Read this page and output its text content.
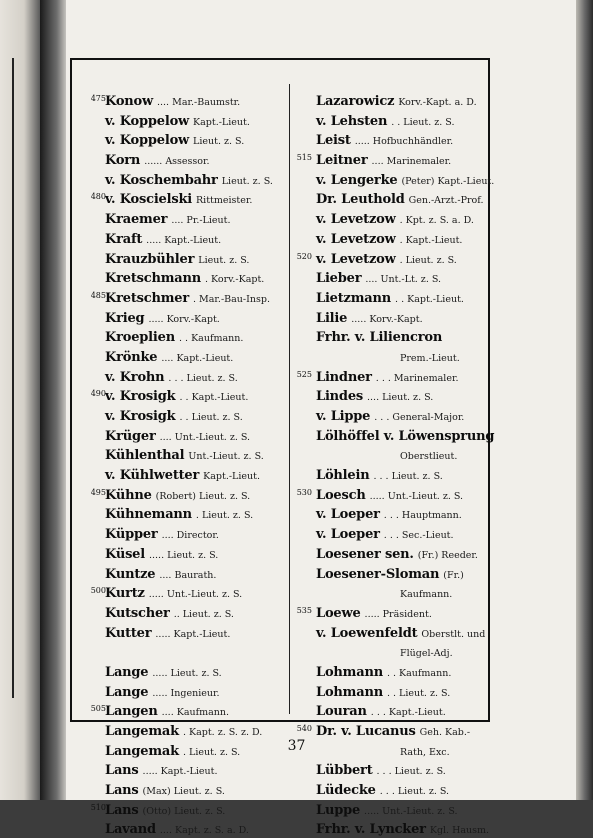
475 Konow .... Mar.-Baumstr.
v. Koppelow Kapt.-Lieut.
v. Koppelow Lieut. z. S.
Korn ...... Assessor.
v. Koschembahr Lieut. z. S.
480 v. Koscielski Rittmeister.
Kraemer .... Pr.-Lieut.
Kraft ..... Kapt.-Lieut.
Krauzbühler Lieut. z. S.
Kretschmann . Korv.-Kapt.
485 Kretschmer . Mar.-Bau-Insp.
Krieg ..... Korv.-Kapt.
Kroeplien . . Kaufmann.
Krönke .... Kapt.-Lieut.
v. Krohn . . . Lieut. z. S.
490 v. Krosigk . . Kapt.-Lieut.
v. Krosigk . . Lieut. z. S.
Krüger .... Unt.-Lieut. z. S.
Kühlenthal Unt.-Lieut. z. S.
v. Kühlwetter Kapt.-Lieut.
495 Kühne (Robert) Lieut. z. S.
Kühnemann . Lieut. z. S.
Küpper .... Director.
Küsel ..... Lieut. z. S.
Kuntze .... Baurath.
500 Kurtz ..... Unt.-Lieut. z. S.
Kutscher .. Lieut. z. S.
Kutter ..... Kapt.-Lieut.
Lange ..... Lieut. z. S.
Lange ..... Ingenieur.
505 Langen .... Kaufmann.
Langemak . Kapt. z. S. z. D.
Langemak . Lieut. z. S.
Lans ..... Kapt.-Lieut.
Lans (Max) Lieut. z. S.
510 Lans (Otto) Lieut. z. S.
Lavand .... Kapt. z. S. a. D.
Lazarowicz Korv.-Kapt. a. D.
v. Lehsten . . Lieut. z. S.
Leist ..... Hofbuchhändler.
515 Leitner .... Marinemaler.
v. Lengerke (Peter) Kapt.-Lieut.
Dr. Leuthold Gen.-Arzt.-Prof.
v. Levetzow . Kpt. z. S. a. D.
v. Levetzow . Kapt.-Lieut.
520 v. Levetzow . Lieut. z. S.
Lieber .... Unt.-Lt. z. S.
Lietzmann . . Kapt.-Lieut.
Lilie ..... Korv.-Kapt.
Frhr. v. Liliencron
Prem.-Lieut.
525 Lindner . . . Marinemaler.
Lindes .... Lieut. z. S.
v. Lippe . . . General-Major.
Lölhöffel v. Löwensprung
Oberstlieut.
Löhlein . . . Lieut. z. S.
530 Loesch ..... Unt.-Lieut. z. S.
v. Loeper . . . Hauptmann.
v. Loeper . . . Sec.-Lieut.
Loesener sen. (Fr.) Reeder.
Loesener-Sloman (Fr.)
Kaufmann.
535 Loewe ..... Präsident.
v. Loewenfeldt Oberstlt. und
Flügel-Adj.
Lohmann . . Kaufmann.
Lohmann . . Lieut. z. S.
Louran . . . Kapt.-Lieut.
540 Dr. v. Lucanus Geh. Kab.-
Rath, Exc.
Lübbert . . . Lieut. z. S.
Lüdecke . . . Lieut. z. S.
Luppe ..... Unt.-Lieut. z. S.
Frhr. v. Lyncker Kgl. Hausm.
37
